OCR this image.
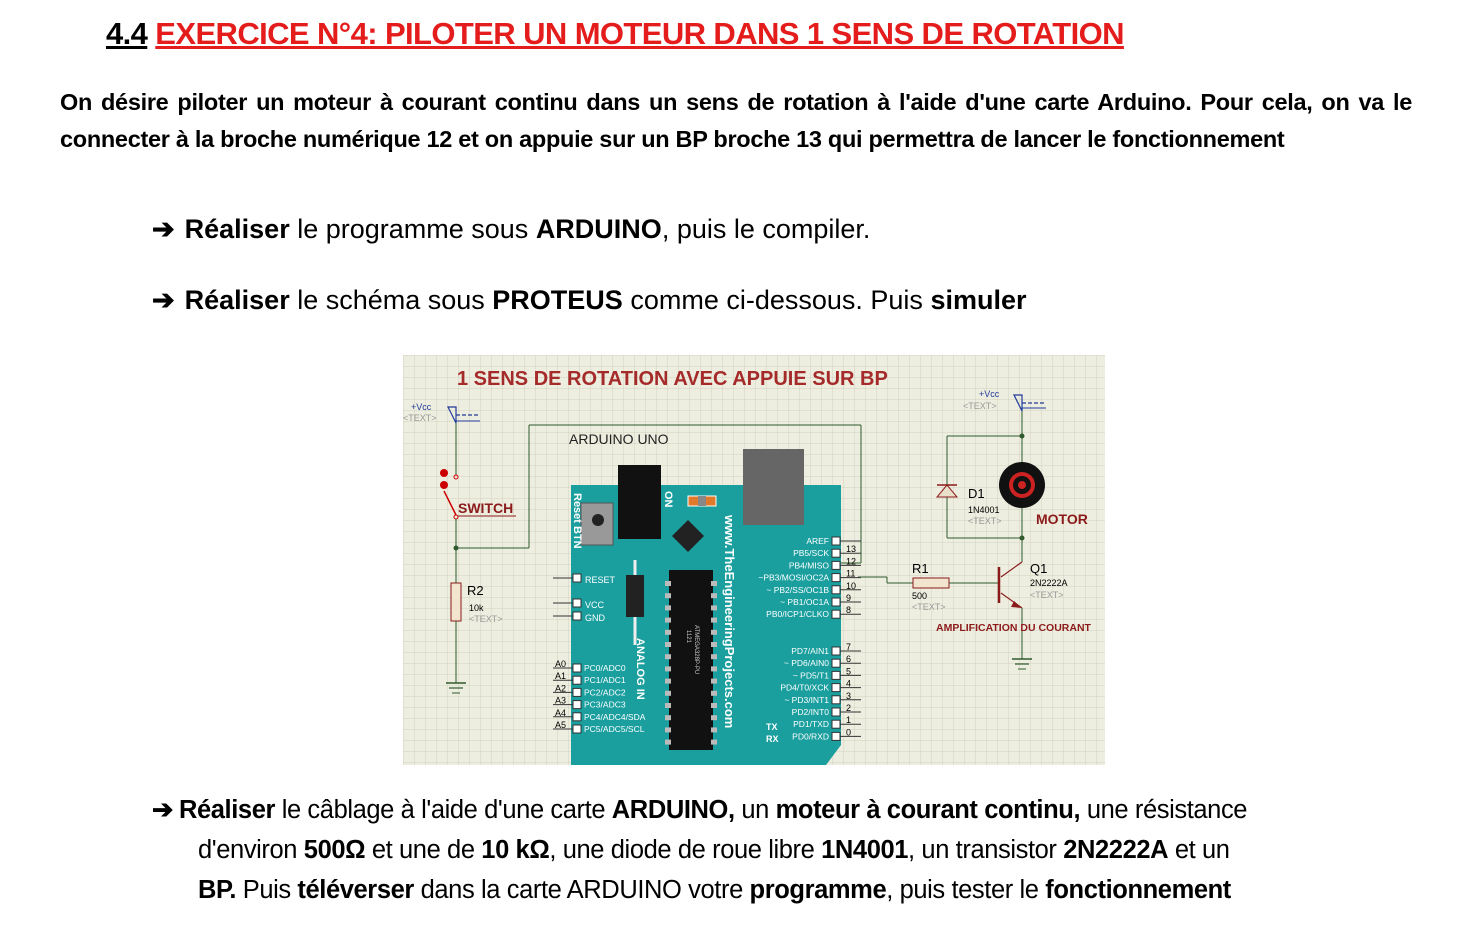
4.4 EXERCICE N°4: PILOTER UN MOTEUR DANS 1 SENS DE ROTATION
On désire piloter un moteur à courant continu dans un sens de rotation à l'aide d'une carte Arduino. Pour cela, on va le connecter à la broche numérique 12 et on appuie sur un BP broche 13 qui permettra de lancer le fonctionnement
➔ Réaliser le programme sous ARDUINO, puis le compiler.
➔ Réaliser le schéma sous PROTEUS comme ci-dessous. Puis simuler
1 SENS DE ROTATION AVEC APPUIE SUR BP
+Vcc
<TEXT>
SWITCH
R2
10k
<TEXT>
ARDUINO UNO
Reset BTN	ON
1121 ATMEGA328P-PU www.TheEngineeringProjects.com
ANALOG IN
RESET
VCC
GND
PC0/ADC0
A0
PC1/ADC1
A1
PC2/ADC2
A2
PC3/ADC3
A3
PC4/ADC4/SDA
A4
PC5/ADC5/SCL
A5
AREF
PB5/SCK 13
PB4/MISO 12
~PB3/MOSI/OC2A 11
~ PB2/SS/OC1B 10
~ PB1/OC1A 9
PB0/ICP1/CLKO 8
PD7/AIN1 7
~ PD6/AIN0 6
~ PD5/T1 5
PD4/T0/XCK 4
~ PD3/INT1 3
PD2/INT0 2
PD1/TXD 1
PD0/RXD 0
TX
RX
R1
500
<TEXT>
+Vcc
<TEXT>
D1
1N4001
<TEXT> MOTOR
Q1
2N2222A
<TEXT>
AMPLIFICATION DU COURANT
➔ Réaliser le câblage à l'aide d'une carte ARDUINO, un moteur à courant continu, une résistance
d'environ 500Ω et une de 10 kΩ, une diode de roue libre 1N4001, un transistor 2N2222A et un
BP. Puis téléverser dans la carte ARDUINO votre programme, puis tester le fonctionnement
